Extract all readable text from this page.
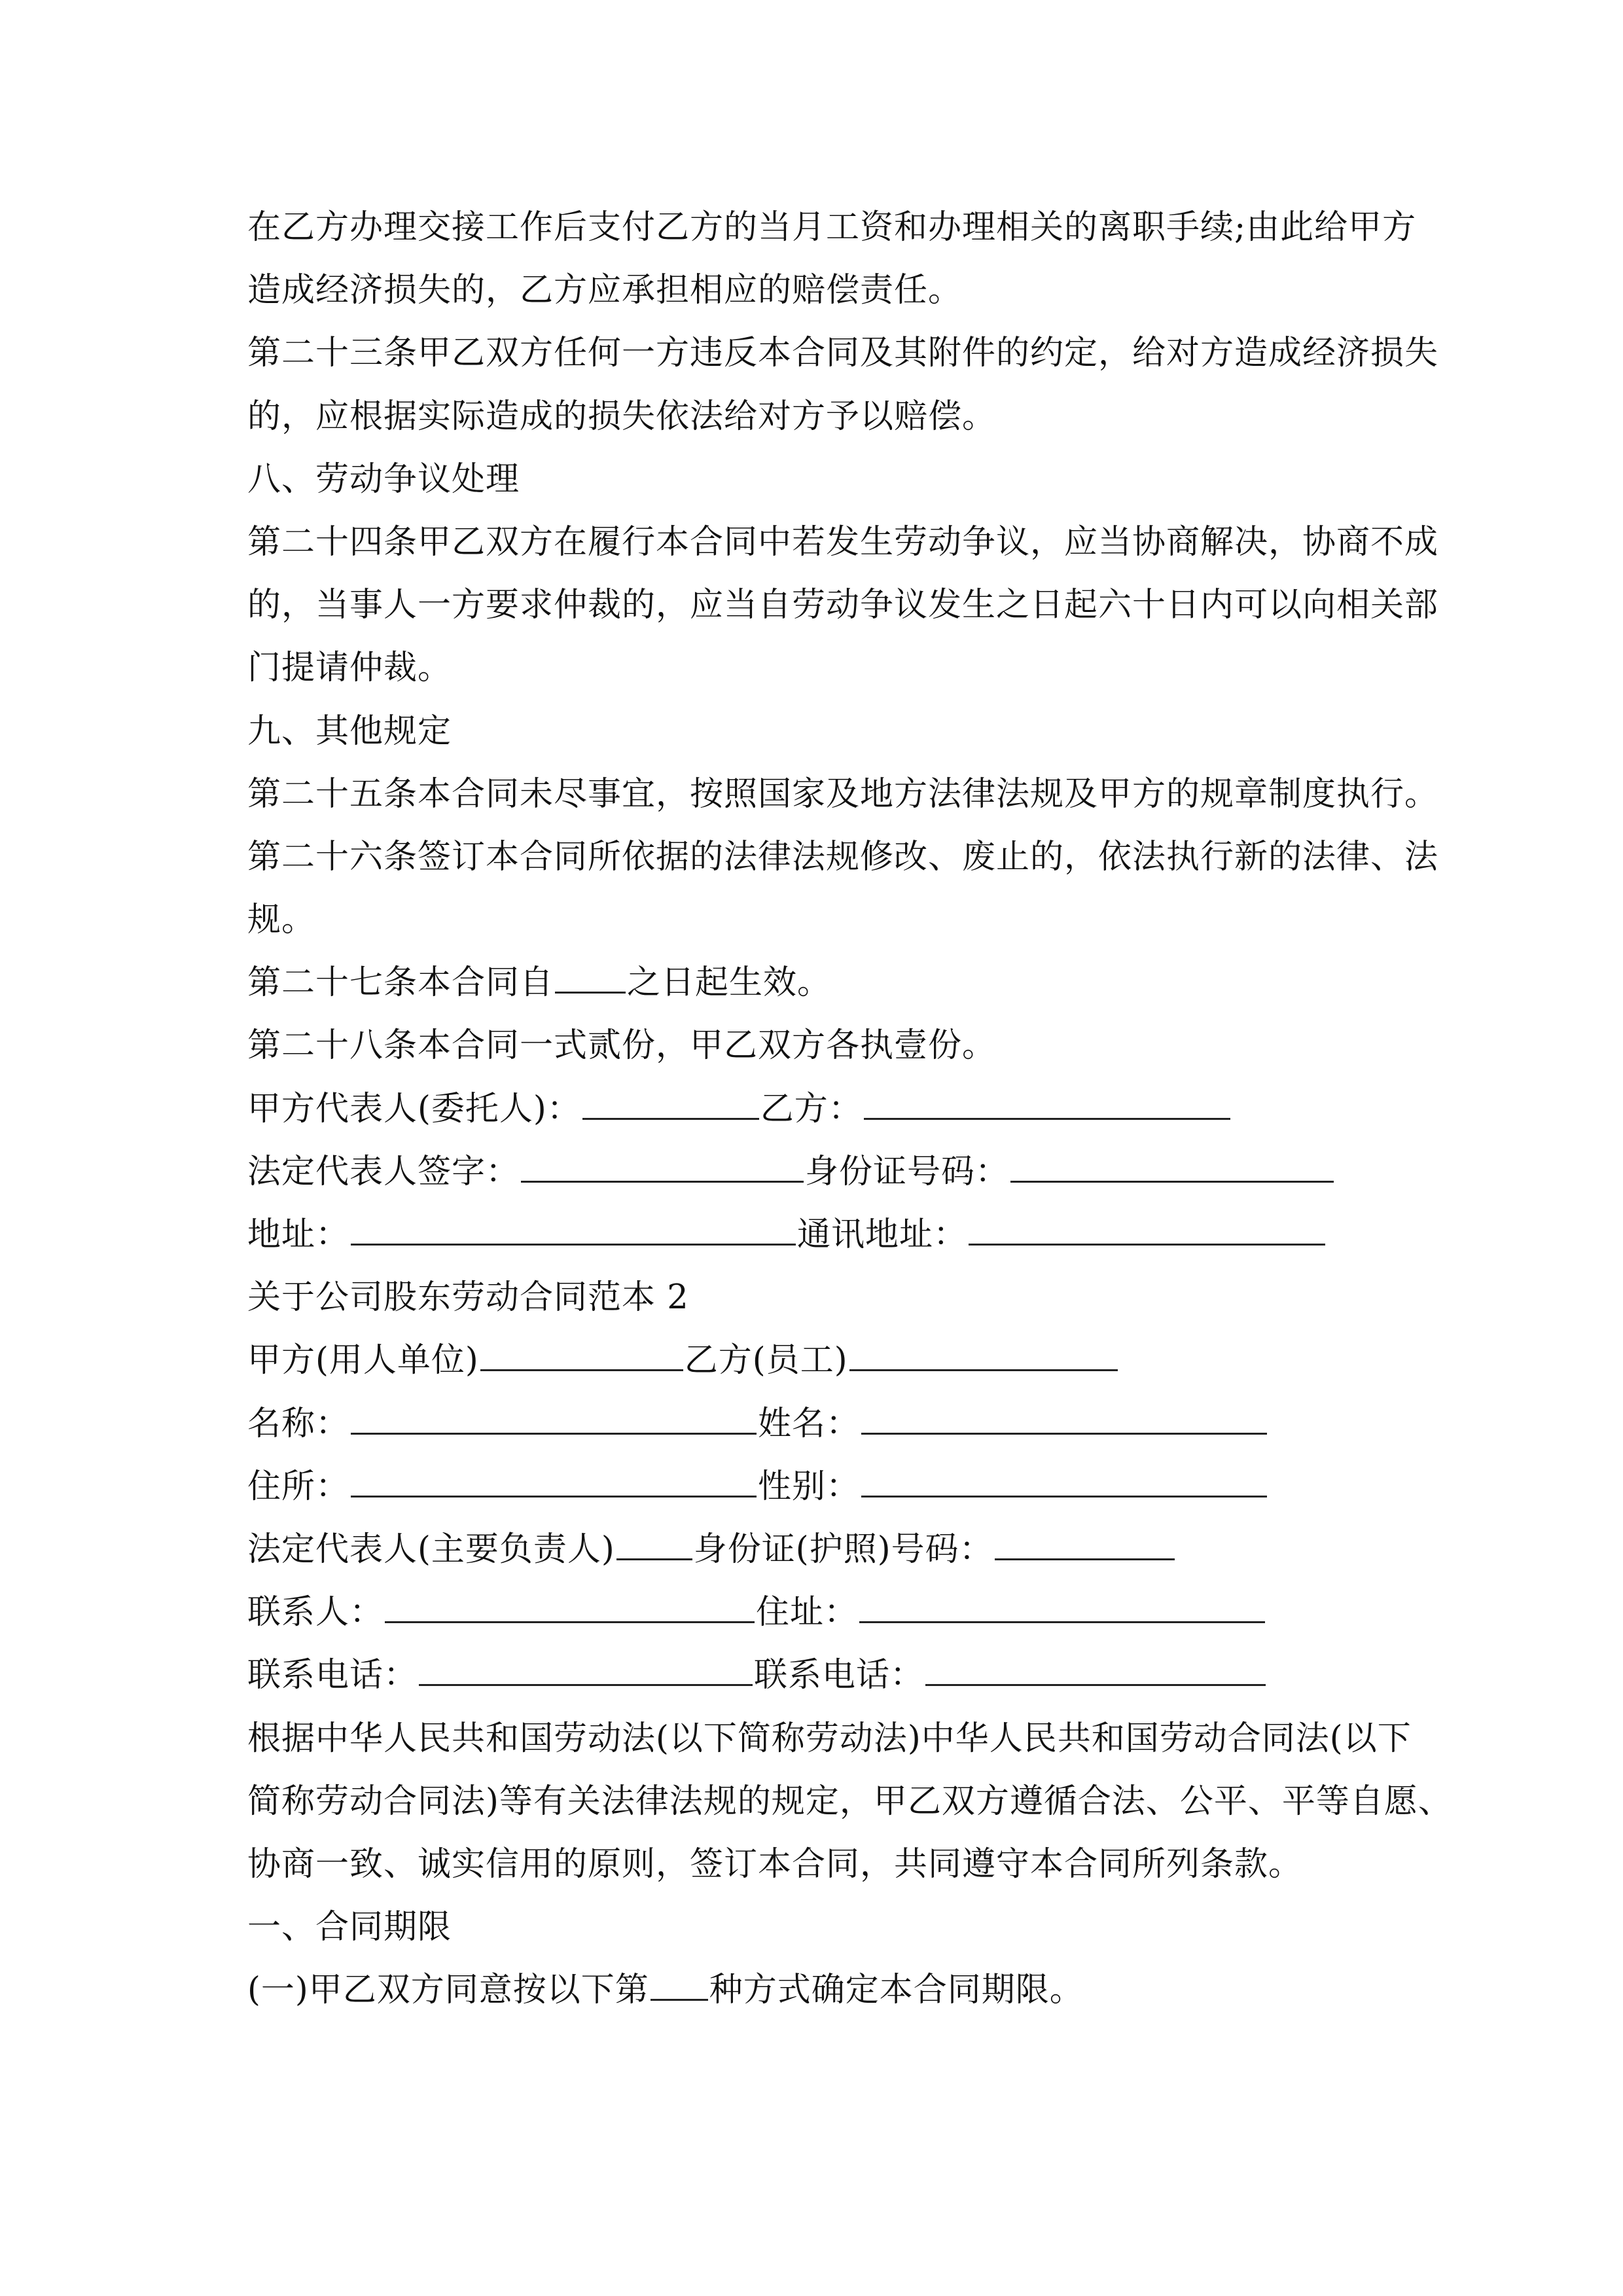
在乙方办理交接工作后支付乙方的当月工资和办理相关的离职手续;由此给甲方
造成经济损失的，乙方应承担相应的赔偿责任。
第二十三条甲乙双方任何一方违反本合同及其附件的约定，给对方造成经济损失
的，应根据实际造成的损失依法给对方予以赔偿。
八、劳动争议处理
第二十四条甲乙双方在履行本合同中若发生劳动争议，应当协商解决，协商不成
的，当事人一方要求仲裁的，应当自劳动争议发生之日起六十日内可以向相关部
门提请仲裁。
九、其他规定
第二十五条本合同未尽事宜，按照国家及地方法律法规及甲方的规章制度执行。
第二十六条签订本合同所依据的法律法规修改、废止的，依法执行新的法律、法
规。
第二十七条本合同自 之日起生效。
第二十八条本合同一式贰份，甲乙双方各执壹份。
甲方代表人(委托人)：	乙方：
法定代表人签字：	身份证号码：
地址：	通讯地址：
关于公司股东劳动合同范本 2
甲方(用人单位)	乙方(员工)
名称：	姓名：
住所：	性别：
法定代表人(主要负责人) 身份证(护照)号码：
联系人：	住址：
联系电话：	联系电话：
根据中华人民共和国劳动法(以下简称劳动法)中华人民共和国劳动合同法(以下
简称劳动合同法)等有关法律法规的规定，甲乙双方遵循合法、公平、平等自愿、
协商一致、诚实信用的原则，签订本合同，共同遵守本合同所列条款。
一、合同期限
(一)甲乙双方同意按以下第 种方式确定本合同期限。
